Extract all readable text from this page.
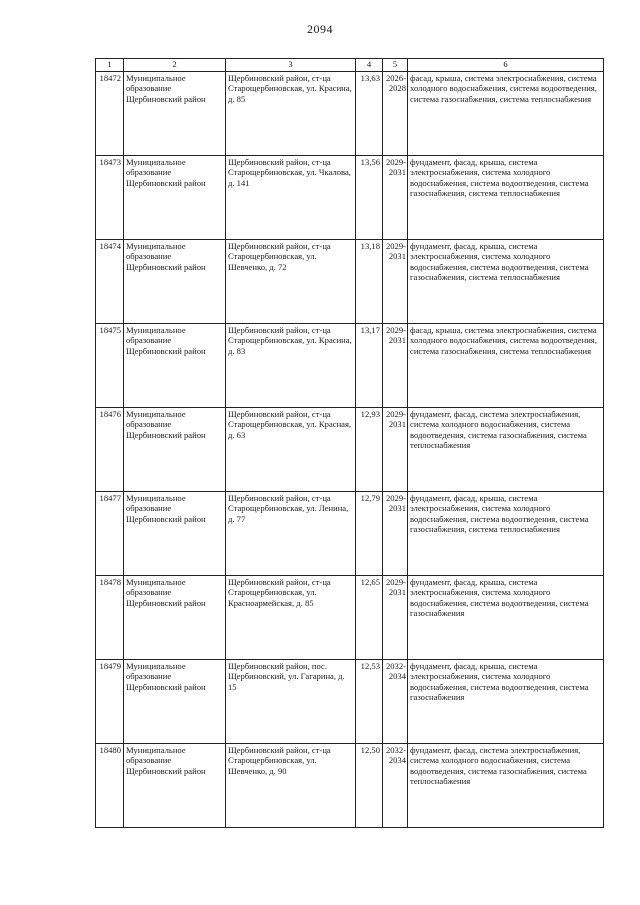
2094
1	2	3	4	5	6
18472	Муниципальное образование Щербиновский район	Щербиновский район, ст-ца Старощербиновская, ул. Красина, д. 85	13,63	2026-2028	фасад, крыша, система электроснабжения, система холодного водоснабжения, система водоотведения, система газоснабжения, система теплоснабжения
18473	Муниципальное образование Щербиновский район	Щербиновский район, ст-ца Старощербиновская, ул. Чкалова, д. 141	13,56	2029-2031	фундамент, фасад, крыша, система электроснабжения, система холодного водоснабжения, система водоотведения, система газоснабжения, система теплоснабжения
18474	Муниципальное образование Щербиновский район	Щербиновский район, ст-ца Старощербиновская, ул. Шевченко, д. 72	13,18	2029-2031	фундамент, фасад, крыша, система электроснабжения, система холодного водоснабжения, система водоотведения, система газоснабжения, система теплоснабжения
18475	Муниципальное образование Щербиновский район	Щербиновский район, ст-ца Старощербиновская, ул. Красина, д. 83	13,17	2029-2031	фасад, крыша, система электроснабжения, система холодного водоснабжения, система водоотведения, система газоснабжения, система теплоснабжения
18476	Муниципальное образование Щербиновский район	Щербиновский район, ст-ца Старощербиновская, ул. Красная, д. 63	12,93	2029-2031	фундамент, фасад, система электроснабжения, система холодного водоснабжения, система водоотведения, система газоснабжения, система теплоснабжения
18477	Муниципальное образование Щербиновский район	Щербиновский район, ст-ца Старощербиновская, ул. Ленина, д. 77	12,79	2029-2031	фундамент, фасад, крыша, система электроснабжения, система холодного водоснабжения, система водоотведения, система газоснабжения, система теплоснабжения
18478	Муниципальное образование Щербиновский район	Щербиновский район, ст-ца Старощербиновская, ул. Красноармейская, д. 85	12,65	2029-2031	фундамент, фасад, крыша, система электроснабжения, система холодного водоснабжения, система водоотведения, система газоснабжения
18479	Муниципальное образование Щербиновский район	Щербиновский район, пос. Щербиновский, ул. Гагарина, д. 15	12,53	2032-2034	фундамент, фасад, крыша, система электроснабжения, система холодного водоснабжения, система водоотведения, система газоснабжения
18480	Муниципальное образование Щербиновский район	Щербиновский район, ст-ца Старощербиновская, ул. Шевченко, д. 90	12,50	2032-2034	фундамент, фасад, система электроснабжения, система холодного водоснабжения, система водоотведения, система газоснабжения, система теплоснабжения
